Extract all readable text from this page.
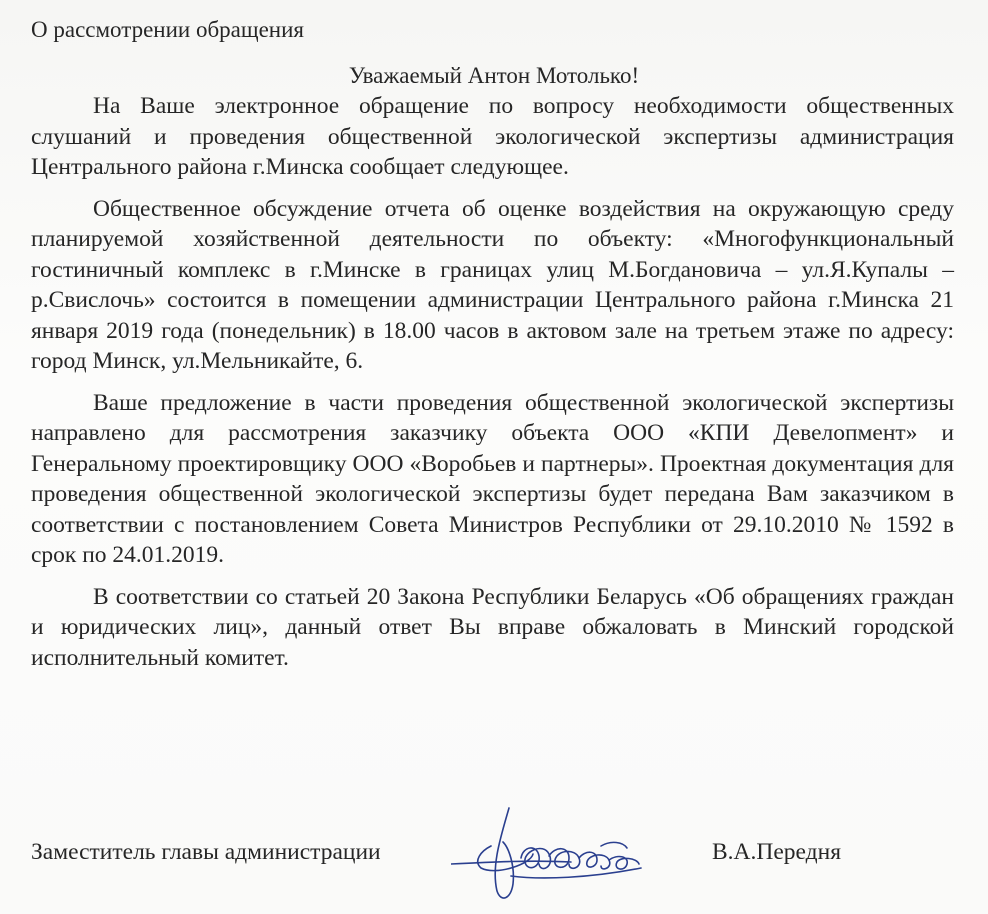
О рассмотрении обращения
Уважаемый Антон Мотолько!

На Ваше электронное обращение по вопросу необходимости общественных слушаний и проведения общественной экологической экспертизы администрация Центрального района г.Минска сообщает следующее.

Общественное обсуждение отчета об оценке воздействия на окружающую среду планируемой хозяйственной деятельности по объекту: «Многофункциональный гостиничный комплекс в г.Минске в границах улиц М.Богдановича – ул.Я.Купалы – р.Свислочь» состоится в помещении администрации Центрального района г.Минска 21 января 2019 года (понедельник) в 18.00 часов в актовом зале на третьем этаже по адресу: город Минск, ул.Мельникайте, 6.

Ваше предложение в части проведения общественной экологической экспертизы направлено для рассмотрения заказчику объекта ООО «КПИ Девелопмент» и Генеральному проектировщику ООО «Воробьев и партнеры». Проектная документация для проведения общественной экологической экспертизы будет передана Вам заказчиком в соответствии с постановлением Совета Министров Республики от 29.10.2010 № 1592 в срок по 24.01.2019.

В соответствии со статьей 20 Закона Республики Беларусь «Об обращениях граждан и юридических лиц», данный ответ Вы вправе обжаловать в Минский городской исполнительный комитет.

Заместитель главы администрации	В.А.Передня
